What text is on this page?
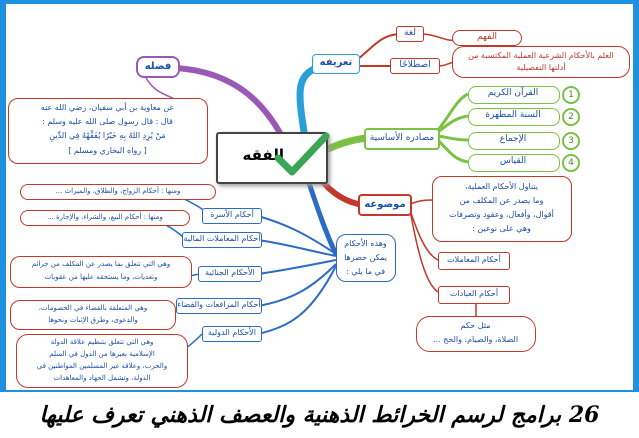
الفقه
تعريفه
لغة	الفهم
اصطلاحًا
العلم بالأحكام الشرعية العملية المكتسبة من
أدلتها التفصيلية
فضله
عن معاوية بن أبي سفيان، رضي الله عنه
قال : قال رسول صلى الله عليه وسلم :
مَنْ يُرِدِ اللهُ بِهِ خَيْرًا يُفَقِّهْهُ فِي الدِّينِ
[ رواه البخاري ومسلم ]
مصادره الأساسية
القرآن الكريم	1
السنة المطهرة	2
الإجماع	3
القياس	4
موضوعه
يتناول الأحكام العملية،
وما يصدر عن المكلف من
أقوال، وأفعال، وعقود وتصرفات
وهي على نوعين :
أحكام المعاملات
أحكام العبادات
مثل حكم
الصلاة، والصيام، والحج ...
وهذه الأحكام
يمكن حصرها
في ما يلي :
أحكام الأسرة
ومنها : أحكام الزواج، والطلاق، والميراث ...
أحكام المعاملات المالية
ومنها : أحكام البيع، والشراء، والإجارة ...
الأحكام الجنائية
وهي التي تتعلق بما يصدر عن المكلف من جرائم
وتعديات، وما يستحقه عليها من عقوبات
أحكام المرافعات والقضاء
وهي المتعلقة بالقضاء في الخصومات،
والدعوى، وطرق الإثبات ونحوها
الأحكام الدولية
وهي التي تتعلق بتنظيم علاقة الدولة
الإسلامية بغيرها من الدول في السلم
والحرب، وعلاقة غير المسلمين المواطنين في
الدولة، وتشمل الجهاد والمعاهدات
26 برامج لرسم الخرائط الذهنية والعصف الذهني تعرف عليها
